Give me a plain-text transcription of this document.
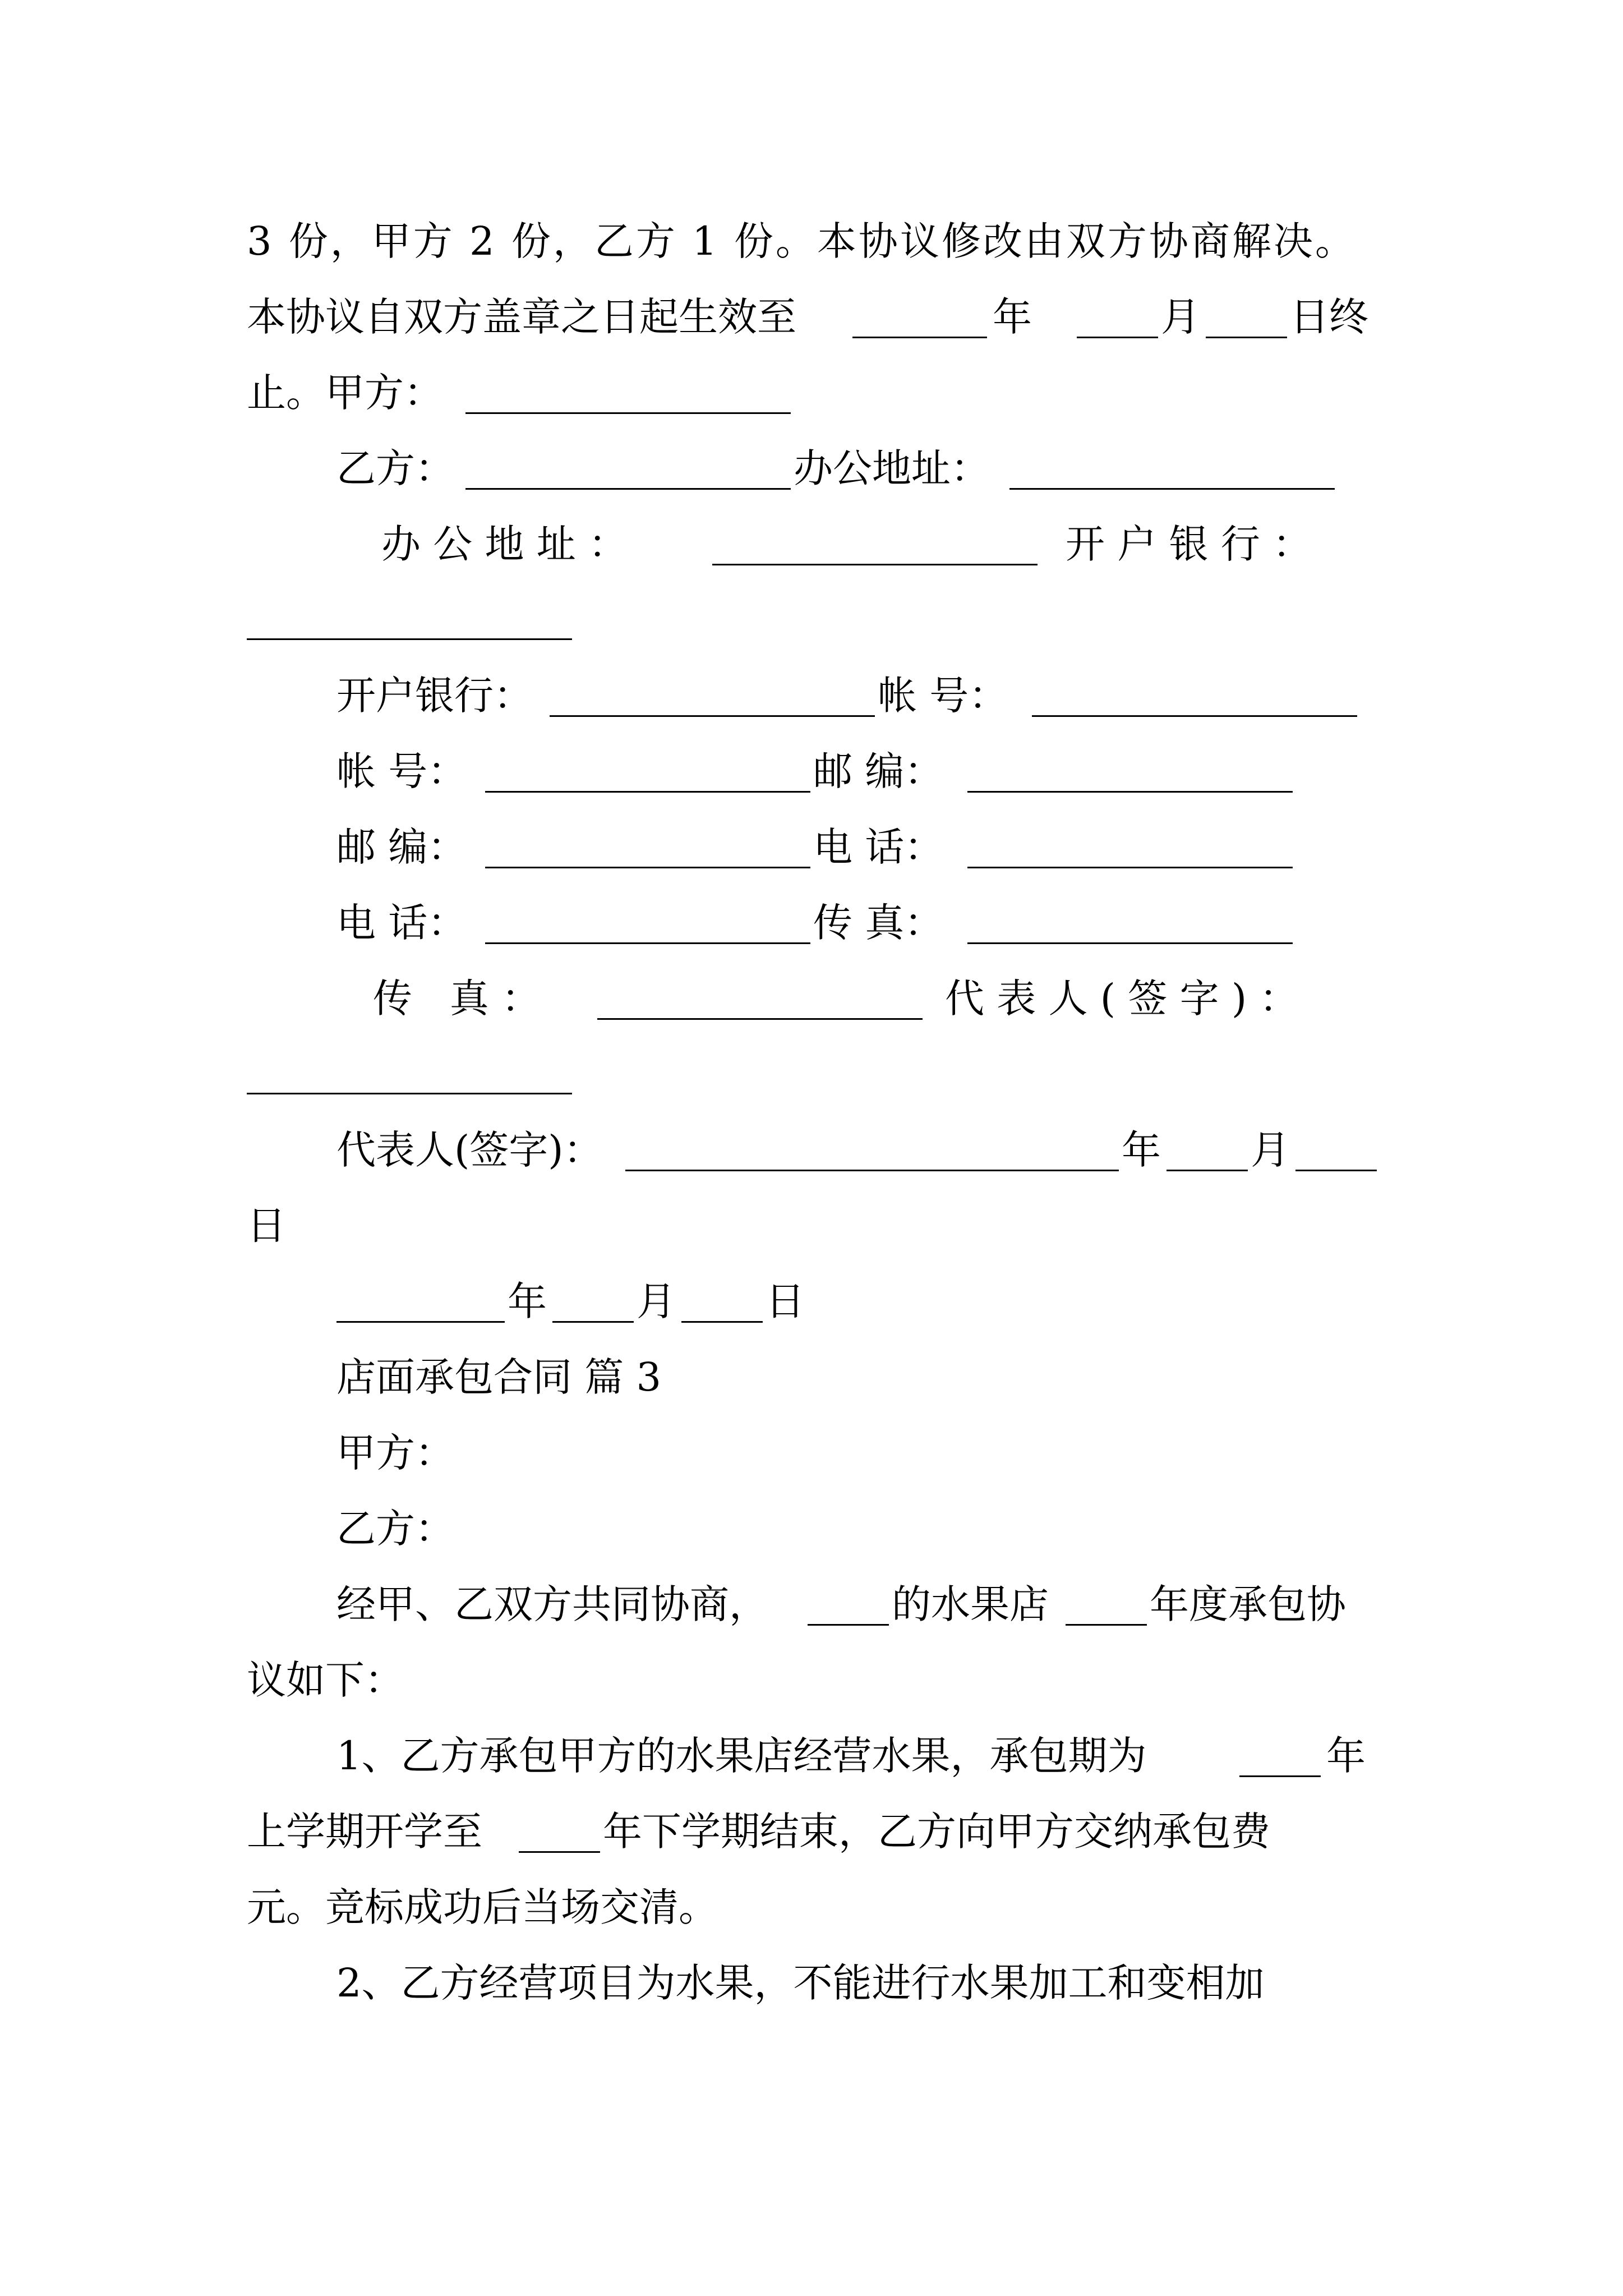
3 份，甲方 2 份，乙方 1 份。本协议修改由双方协商解决。
本协议自双方盖章之日起生效至	年	月 日终
止。甲方：
乙方：	办公地址：
办 公 地 址 ：	开 户 银 行 ：
开户银行：	帐 号：
帐 号：	邮 编：
邮 编：	电 话：
电 话：	传 真：

传   真 ：

	代 表 人 ( 签 字 ) ：

代表人(签字)：	年 月
日
年 月 日
店面承包合同 篇 3
甲方：
乙方：
经甲、乙双方共同协商，	的水果店	年度承包协
议如下：
1、乙方承包甲方的水果店经营水果，承包期为	年
上学期开学至	年下学期结束，乙方向甲方交纳承包费
元。竞标成功后当场交清。
2、乙方经营项目为水果，不能进行水果加工和变相加
